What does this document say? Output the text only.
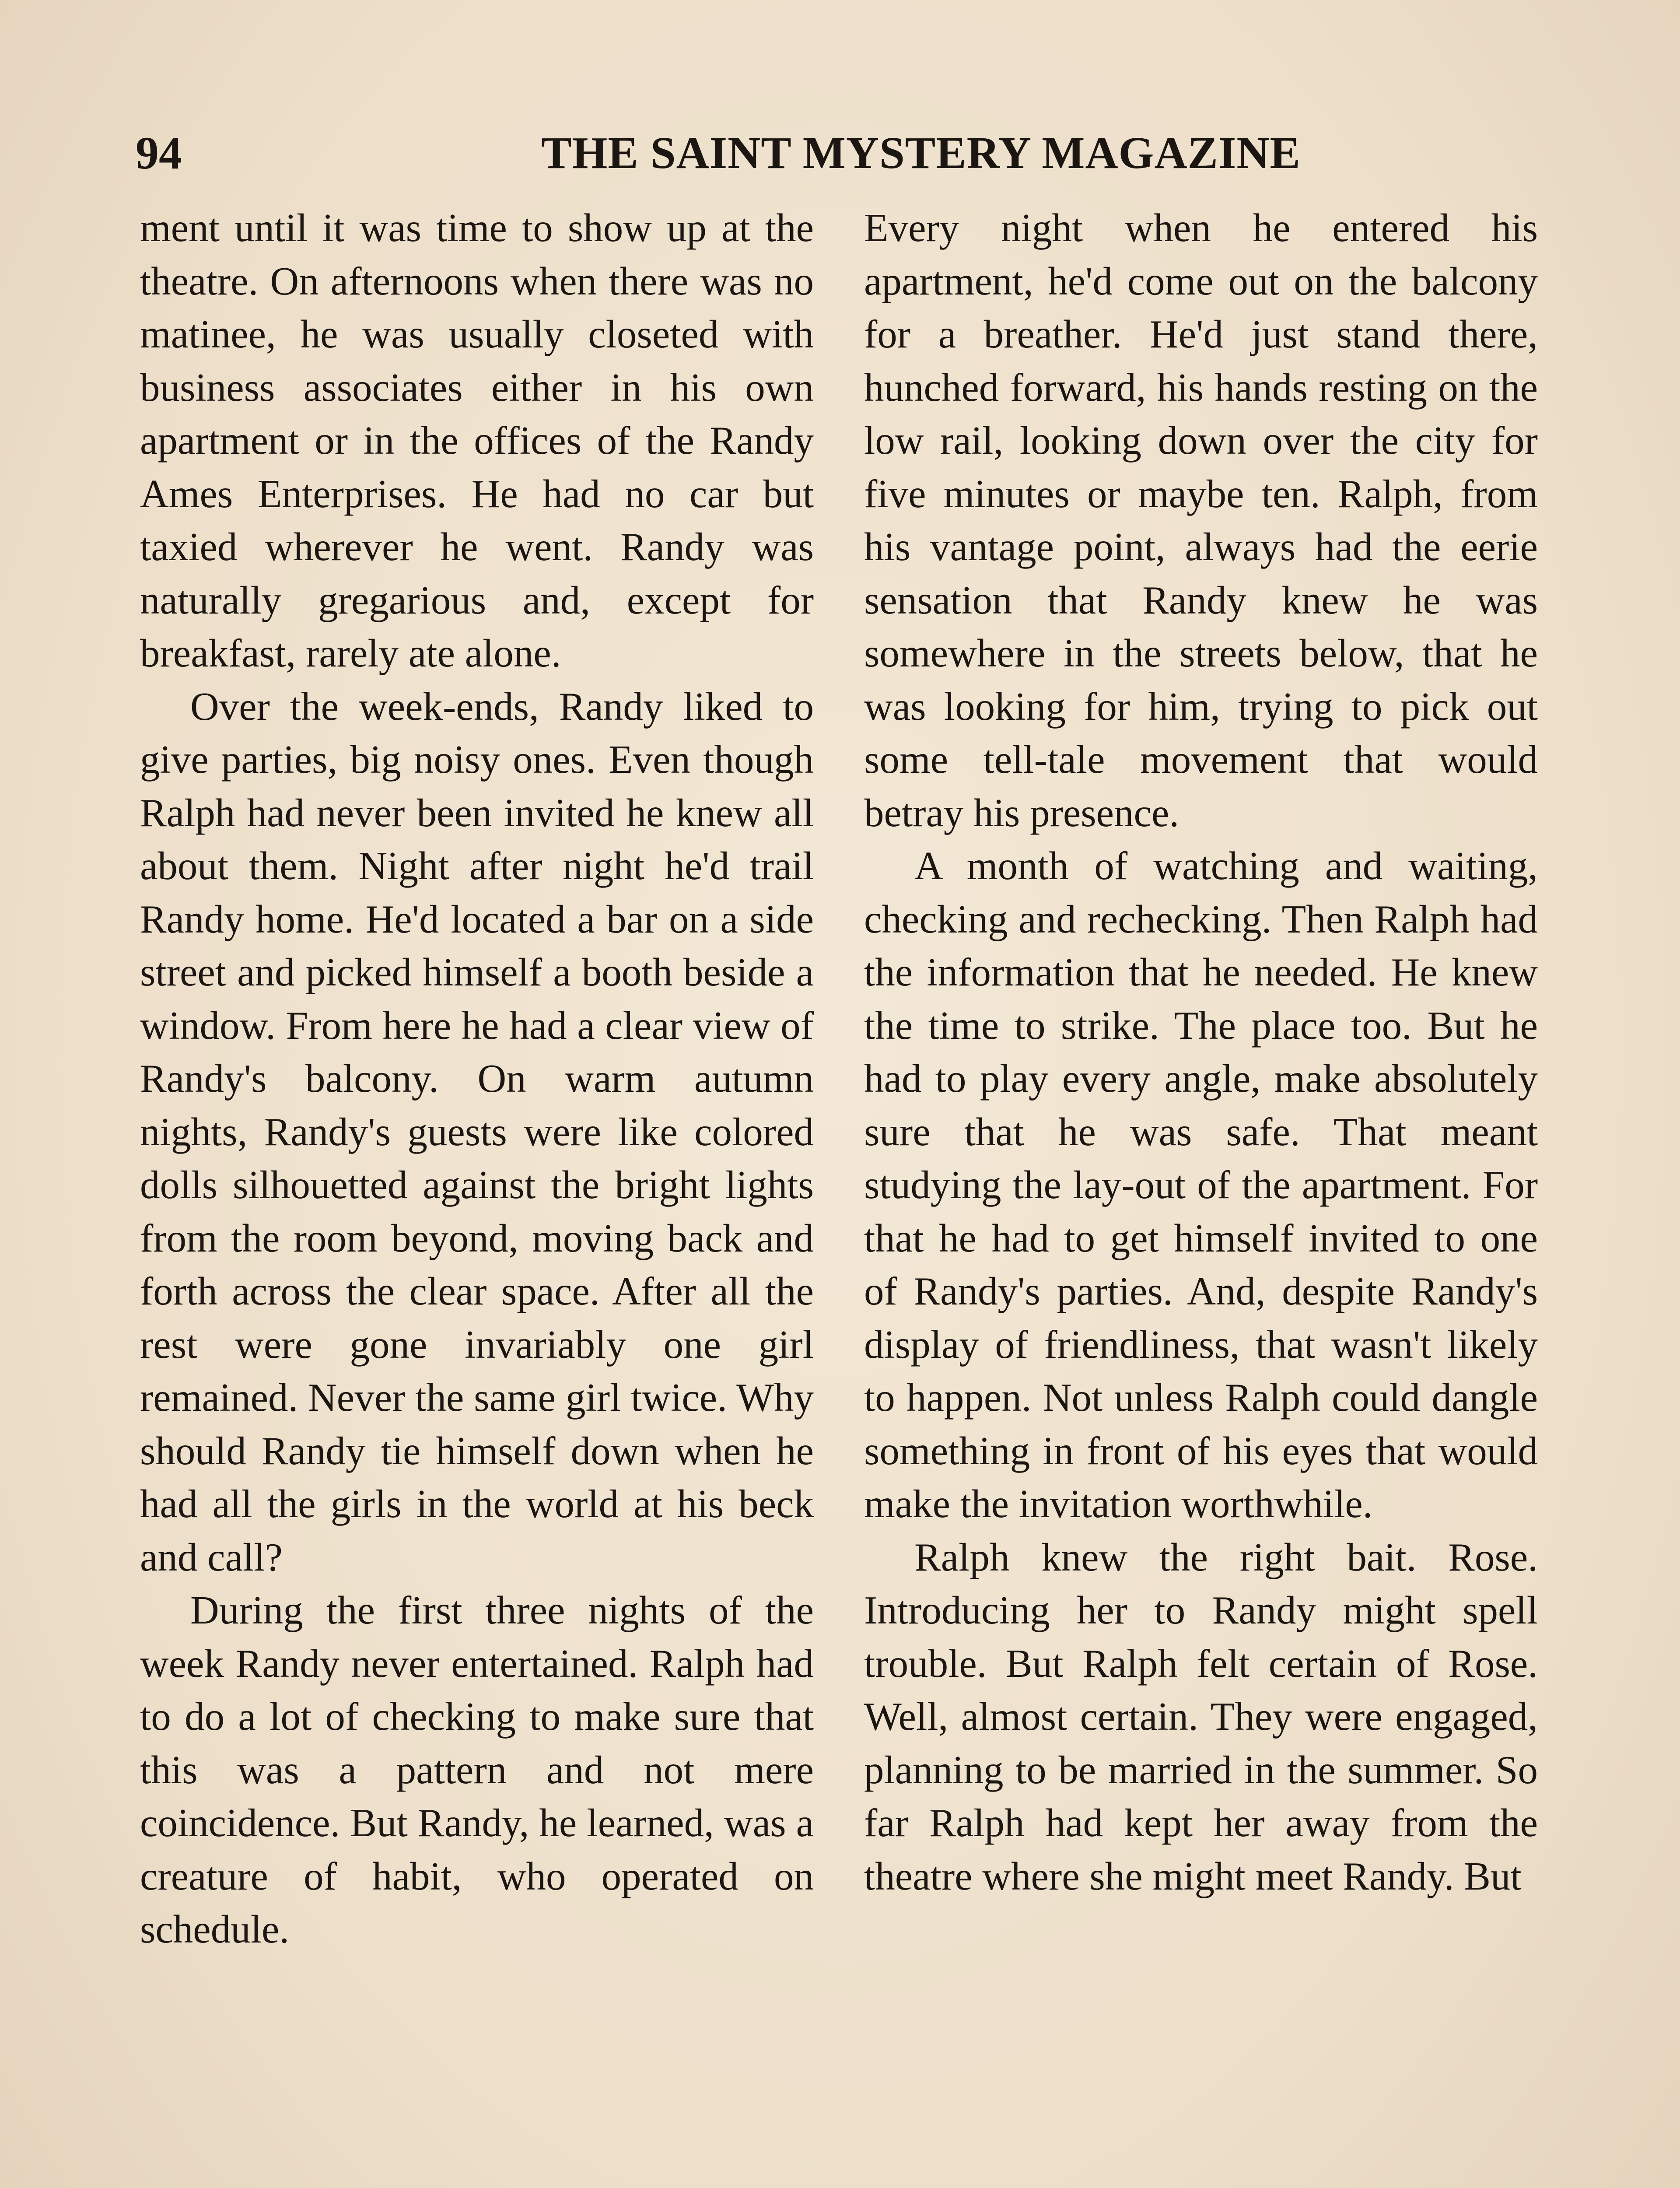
94	THE SAINT MYSTERY MAGAZINE

ment until it was time to show up at the theatre. On afternoons when there was no matinee, he was usually closeted with business associates either in his own apartment or in the offices of the Randy Ames Enterprises. He had no car but taxied wherever he went. Randy was naturally gregarious and, except for breakfast, rarely ate alone.

Over the week-ends, Randy liked to give parties, big noisy ones. Even though Ralph had never been invited he knew all about them. Night after night he'd trail Randy home. He'd located a bar on a side street and picked himself a booth beside a window. From here he had a clear view of Randy's balcony. On warm autumn nights, Randy's guests were like colored dolls silhouetted against the bright lights from the room beyond, moving back and forth across the clear space. After all the rest were gone invariably one girl remained. Never the same girl twice. Why should Randy tie himself down when he had all the girls in the world at his beck and call?

During the first three nights of the week Randy never entertained. Ralph had to do a lot of checking to make sure that this was a pattern and not mere coincidence. But Randy, he learned, was a creature of habit, who operated on schedule.

Every night when he entered his apartment, he'd come out on the balcony for a breather. He'd just stand there, hunched forward, his hands resting on the low rail, looking down over the city for five minutes or maybe ten. Ralph, from his vantage point, always had the eerie sensation that Randy knew he was somewhere in the streets below, that he was looking for him, trying to pick out some tell-tale movement that would betray his presence.

A month of watching and waiting, checking and rechecking. Then Ralph had the information that he needed. He knew the time to strike. The place too. But he had to play every angle, make absolutely sure that he was safe. That meant studying the lay-out of the apartment. For that he had to get himself invited to one of Randy's parties. And, despite Randy's display of friendliness, that wasn't likely to happen. Not unless Ralph could dangle something in front of his eyes that would make the invitation worthwhile.

Ralph knew the right bait. Rose. Introducing her to Randy might spell trouble. But Ralph felt certain of Rose. Well, almost certain. They were engaged, planning to be married in the summer. So far Ralph had kept her away from the theatre where she might meet Randy. But
